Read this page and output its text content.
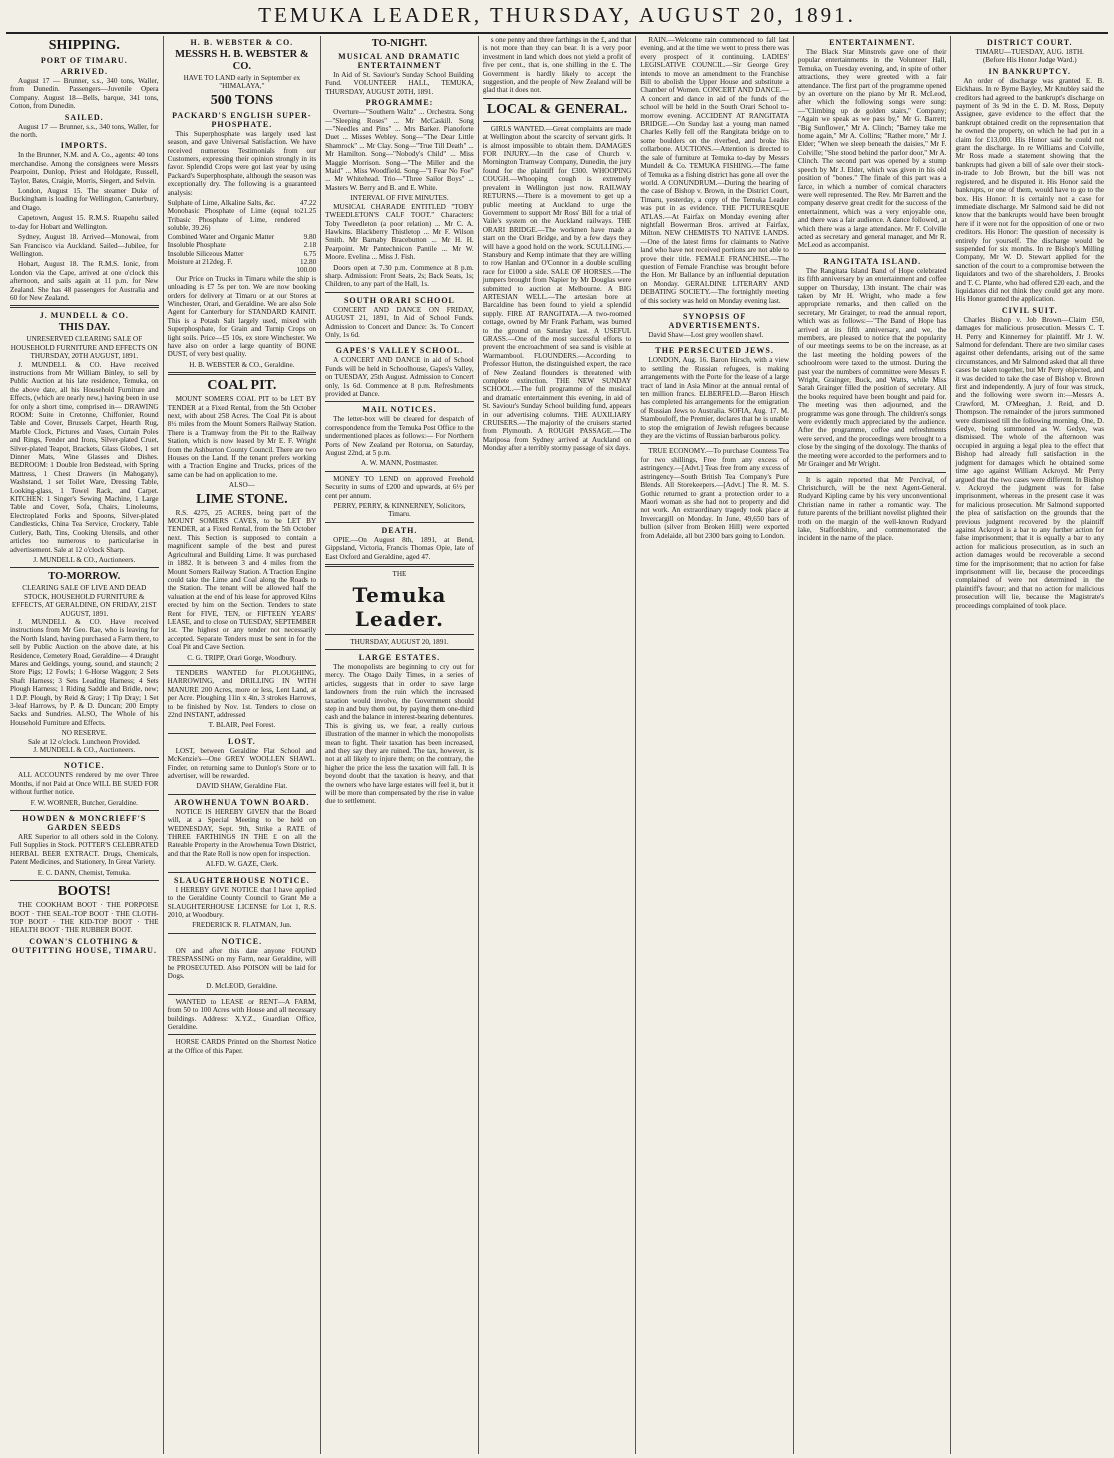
TEMUKA LEADER, THURSDAY, AUGUST 20, 1891.
SHIPPING.
PORT OF TIMARU.
ARRIVED.

August 17 — Brunner, s.s., 340 tons, Waller, from Dunedin. Passengers—Juvenile Opera Company. August 18—Bells, barque, 341 tons, Cotton, from Dunedin.

SAILED.

August 17 — Brunner, s.s., 340 tons, Waller, for the north.

IMPORTS.

In the Brunner, N.M. and A. Co., agents: 40 tons merchandise. Among the consignees were Messrs Pearpoint, Dunlop, Priest and Holdgate, Russell, Taylor, Bates, Craigie, Morris, Siegert, and Selvin.

London, August 15. The steamer Duke of Buckingham is loading for Wellington, Canterbury, and Otago.

Capetown, August 15. R.M.S. Ruapehu sailed to-day for Hobart and Wellington.

Sydney, August 18. Arrived—Monowai, from San Francisco via Auckland. Sailed—Jubilee, for Wellington.

Hobart, August 18. The R.M.S. Ionic, from London via the Cape, arrived at one o'clock this afternoon, and sails again at 11 p.m. for New Zealand. She has 48 passengers for Australia and 60 for New Zealand.

J. MUNDELL & CO.
THIS DAY.
UNRESERVED CLEARING SALE OF HOUSEHOLD FURNITURE AND EFFECTS ON THURSDAY, 20TH AUGUST, 1891.

J. MUNDELL & CO. Have received instructions from Mr William Binley, to sell by Public Auction at his late residence, Temuka, on the above date, all his Household Furniture and Effects, (which are nearly new,) having been in use for only a short time, comprised in— DRAWING ROOM: Suite in Cretonne, Chiffonier, Round Table and Cover, Brussels Carpet, Hearth Rug, Marble Clock, Pictures and Vases, Curtain Poles and Rings, Fender and Irons, Silver-plated Cruet, Silver-plated Teapot, Brackets, Glass Globes, 1 set Dinner Mats, Wine Glasses and Dishes. BEDROOM: 1 Double Iron Bedstead, with Spring Mattress, 1 Chest Drawers (in Mahogany), Washstand, 1 set Toilet Ware, Dressing Table, Looking-glass, 1 Towel Rack, and Carpet. KITCHEN: 1 Singer's Sewing Machine, 1 Large Table and Cover, Sofa, Chairs, Linoleums, Electroplated Forks and Spoons, Silver-plated Candlesticks, China Tea Service, Crockery, Table Cutlery, Bath, Tins, Cooking Utensils, and other articles too numerous to particularise in advertisement. Sale at 12 o'clock Sharp.

J. MUNDELL & CO., Auctioneers.
TO-MORROW.
CLEARING SALE OF LIVE AND DEAD STOCK, HOUSEHOLD FURNITURE & EFFECTS, AT GERALDINE, ON FRIDAY, 21ST AUGUST, 1891.

J. MUNDELL & CO. Have received instructions from Mr Geo. Rae, who is leaving for the North Island, having purchased a Farm there, to sell by Public Auction on the above date, at his Residence, Cemetery Road, Geraldine— 4 Draught Mares and Geldings, young, sound, and staunch; 2 Store Pigs; 12 Fowls; 1 6-Horse Waggon; 2 Sets Shaft Harness; 3 Sets Leading Harness; 4 Sets Plough Harness; 1 Riding Saddle and Bridle, new; 1 D.P. Plough, by Reid & Gray; 1 Tip Dray; 1 Set 3-leaf Harrows, by P. & D. Duncan; 200 Empty Sacks and Sundries. ALSO, The Whole of his Household Furniture and Effects.

NO RESERVE.
Sale at 12 o'clock. Luncheon Provided.
J. MUNDELL & CO., Auctioneers.
NOTICE.

ALL ACCOUNTS rendered by me over Three Months, if not Paid at Once WILL BE SUED FOR without further notice.

F. W. WORNER, Butcher, Geraldine.
HOWDEN & MONCRIEFF'S GARDEN SEEDS

ARE Superior to all others sold in the Colony. Full Supplies in Stock. POTTER'S CELEBRATED HERBAL BEER EXTRACT. Drugs, Chemicals, Patent Medicines, and Stationery, In Great Variety.

E. C. DANN, Chemist, Temuka.
BOOTS!

THE COOKHAM BOOT · THE PORPOISE BOOT · THE SEAL-TOP BOOT · THE CLOTH-TOP BOOT · THE KID-TOP BOOT · THE HEALTH BOOT · THE RUBBER BOOT.

COWAN'S CLOTHING & OUTFITTING HOUSE, TIMARU.
H. B. WEBSTER & CO.
MESSRS H. B. WEBSTER & CO.
HAVE TO LAND early in September ex "HIMALAYA,"
500 TONS
PACKARD'S ENGLISH SUPER-PHOSPHATE.

This Superphosphate was largely used last season, and gave Universal Satisfaction. We have received numerous Testimonials from our Customers, expressing their opinion strongly in its favor. Splendid Crops were got last year by using Packard's Superphosphate, although the season was exceptionally dry. The following is a guaranteed analysis:

Sulphate of Lime, Alkaline Salts, &c.	47.22
Monobasic Phosphate of Lime (equal to Tribasic Phosphate of Lime, rendered soluble, 39.26)
21.25
Combined Water and Organic Matter	9.80
Insoluble Phosphate	2.18
Insoluble Siliceous Matter	6.75
Moisture at 212deg. F.	12.80
100.00

Our Price on Trucks in Timaru while the ship is unloading is £7 5s per ton. We are now booking orders for delivery at Timaru or at our Stores at Winchester, Orari, and Geraldine. We are also Sole Agent for Canterbury for STANDARD KAINIT. This is a Potash Salt largely used, mixed with Superphosphate, for Grain and Turnip Crops on light soils. Price—£5 10s, ex store Winchester. We have also on order a large quantity of BONE DUST, of very best quality.

H. B. WEBSTER & CO., Geraldine.
COAL PIT.

MOUNT SOMERS COAL PIT to be LET BY TENDER at a Fixed Rental, from the 5th October next, with about 258 Acres. The Coal Pit is about 8½ miles from the Mount Somers Railway Station. There is a Tramway from the Pit to the Railway Station, which is now leased by Mr E. F. Wright from the Ashburton County Council. There are two Houses on the Land. If the tenant prefers working with a Traction Engine and Trucks, prices of the same can be had on application to me.

ALSO—
LIME STONE.

R.S. 4275, 25 ACRES, being part of the MOUNT SOMERS CAVES, to be LET BY TENDER, at a Fixed Rental, from the 5th October next. This Section is supposed to contain a magnificent sample of the best and purest Agricultural and Building Lime. It was purchased in 1882. It is between 3 and 4 miles from the Mount Somers Railway Station. A Traction Engine could take the Lime and Coal along the Roads to the Station. The tenant will be allowed half the valuation at the end of his lease for approved Kilns erected by him on the Section. Tenders to state Rent for FIVE, TEN, or FIFTEEN YEARS' LEASE, and to close on TUESDAY, SEPTEMBER 1st. The highest or any tender not necessarily accepted. Separate Tenders must be sent in for the Coal Pit and Cave Section.

C. G. TRIPP, Orari Gorge, Woodbury.

TENDERS WANTED for PLOUGHING, HARROWING, and DRILLING IN WITH MANURE 200 Acres, more or less, Lent Land, at per Acre. Ploughing 11in x 4in, 3 strokes Harrows, to be finished by Nov. 1st. Tenders to close on 22nd INSTANT, addressed

T. BLAIR, Peel Forest.
LOST.

LOST, between Geraldine Flat School and McKenzie's—One GREY WOOLLEN SHAWL. Finder, on returning same to Dunlop's Store or to advertiser, will be rewarded.

DAVID SHAW, Geraldine Flat.
AROWHENUA TOWN BOARD.

NOTICE IS HEREBY GIVEN that the Board will, at a Special Meeting to be held on WEDNESDAY, Sept. 9th, Strike a RATE of THREE FARTHINGS IN THE £ on all the Rateable Property in the Arowhenua Town District, and that the Rate Roll is now open for inspection.

ALFD. W. GAZE, Clerk.
SLAUGHTERHOUSE NOTICE.

I HEREBY GIVE NOTICE that I have applied to the Geraldine County Council to Grant Me a SLAUGHTERHOUSE LICENSE for Lot 1, R.S. 2010, at Woodbury.

FREDERICK R. FLATMAN, Jun.
NOTICE.

ON and after this date anyone FOUND TRESPASSING on my Farm, near Geraldine, will be PROSECUTED. Also POISON will be laid for Dogs.

D. McLEOD, Geraldine.

WANTED to LEASE or RENT—A FARM, from 50 to 100 Acres with House and all necessary buildings. Address: X.Y.Z., Guardian Office, Geraldine.

HORSE CARDS Printed on the Shortest Notice at the Office of this Paper.

TO-NIGHT.
MUSICAL AND DRAMATIC ENTERTAINMENT

In Aid of St. Saviour's Sunday School Building Fund. VOLUNTEER HALL, TEMUKA, THURSDAY, AUGUST 20TH, 1891.

PROGRAMME:

Overture—"Southern Waltz" ... Orchestra. Song—"Sleeping Roses" ... Mr McCaskill. Song—"Needles and Pins" ... Mrs Barker. Pianoforte Duet ... Misses Webley. Song—"The Dear Little Shamrock" ... Mr Clay. Song—"True Till Death" ... Mr Hamilton. Song—"Nobody's Child" ... Miss Maggie Morrison. Song—"The Miller and the Maid" ... Miss Woodfield. Song—"I Fear No Foe" ... Mr Whitehead. Trio—"Three Sailor Boys" ... Masters W. Berry and B. and E. White.

INTERVAL OF FIVE MINUTES.

MUSICAL CHARADE ENTITLED "TOBY TWEEDLETON'S CALF TOOT." Characters: Toby Tweedleton (a poor relation) ... Mr C. A. Hawkins. Blackberry Thistletop ... Mr F. Wilson Smith. Mr Barnaby Bracebutton ... Mr H. H. Pearpoint. Mr Pantechnicon Pantile ... Mr W. Moore. Evelina ... Miss J. Fish.

Doors open at 7.30 p.m. Commence at 8 p.m. sharp. Admission: Front Seats, 2s; Back Seats, 1s; Children, to any part of the Hall, 1s.

SOUTH ORARI SCHOOL

CONCERT AND DANCE ON FRIDAY, AUGUST 21, 1891, In Aid of School Funds. Admission to Concert and Dance: 3s. To Concert Only, 1s 6d.

GAPES'S VALLEY SCHOOL.

A CONCERT AND DANCE in aid of School Funds will be held in Schoolhouse, Gapes's Valley, on TUESDAY, 25th August. Admission to Concert only, 1s 6d. Commence at 8 p.m. Refreshments provided at Dance.

MAIL NOTICES.

The letter-box will be cleared for despatch of correspondence from the Temuka Post Office to the undermentioned places as follows:— For Northern Ports of New Zealand per Rotorua, on Saturday, August 22nd, at 5 p.m.

A. W. MANN, Postmaster.

MONEY TO LEND on approved Freehold Security in sums of £200 and upwards, at 6½ per cent per annum.

PERRY, PERRY, & KINNERNEY, Solicitors, Timaru.
DEATH.

OPIE.—On August 8th, 1891, at Bend, Gippsland, Victoria, Francis Thomas Opie, late of East Oxford and Geraldine, aged 47.

THE
Temuka Leader.
THURSDAY, AUGUST 20, 1891.
LARGE ESTATES.

The monopolists are beginning to cry out for mercy. The Otago Daily Times, in a series of articles, suggests that in order to save large landowners from the ruin which the increased taxation would involve, the Government should step in and buy them out, by paying them one-third cash and the balance in interest-bearing debentures. This is giving us, we fear, a really curious illustration of the manner in which the monopolists mean to fight. Their taxation has been increased, and they say they are ruined. The tax, however, is not at all likely to injure them; on the contrary, the higher the price the less the taxation will fall. It is beyond doubt that the taxation is heavy, and that the owners who have large estates will feel it, but it will be more than compensated by the rise in value due to settlement.

s one penny and three farthings in the £, and that is not more than they can bear. It is a very poor investment in land which does not yield a profit of five per cent., that is, one shilling in the £. The Government is hardly likely to accept the suggestion, and the people of New Zealand will be glad that it does not.

LOCAL & GENERAL.

GIRLS WANTED.—Great complaints are made at Wellington about the scarcity of servant girls. It is almost impossible to obtain them. DAMAGES FOR INJURY.—In the case of Church v. Mornington Tramway Company, Dunedin, the jury found for the plaintiff for £300. WHOOPING COUGH.—Whooping cough is extremely prevalent in Wellington just now. RAILWAY RETURNS.—There is a movement to get up a public meeting at Auckland to urge the Government to support Mr Ross' Bill for a trial of Vaile's system on the Auckland railways. THE ORARI BRIDGE.—The workmen have made a start on the Orari Bridge, and by a few days they will have a good hold on the work. SCULLING.—Stansbury and Kemp intimate that they are willing to row Hanlan and O'Connor in a double sculling race for £1000 a side. SALE OF HORSES.—The jumpers brought from Napier by Mr Douglas were submitted to auction at Melbourne. A BIG ARTESIAN WELL.—The artesian bore at Barcaldine has been found to yield a splendid supply. FIRE AT RANGITATA.—A two-roomed cottage, owned by Mr Frank Parham, was burned to the ground on Saturday last. A USEFUL GRASS.—One of the most successful efforts to prevent the encroachment of sea sand is visible at Warrnambool. FLOUNDERS.—According to Professor Hutton, the distinguished expert, the race of New Zealand flounders is threatened with complete extinction. THE NEW SUNDAY SCHOOL.—The full programme of the musical and dramatic entertainment this evening, in aid of St. Saviour's Sunday School building fund, appears in our advertising columns. THE AUXILIARY CRUISERS.—The majority of the cruisers started from Plymouth. A ROUGH PASSAGE.—The Mariposa from Sydney arrived at Auckland on Monday after a terribly stormy passage of six days.

RAIN.—Welcome rain commenced to fall last evening, and at the time we went to press there was every prospect of it continuing. LADIES' LEGISLATIVE COUNCIL.—Sir George Grey intends to move an amendment to the Franchise Bill to abolish the Upper House and substitute a Chamber of Women. CONCERT AND DANCE.—A concert and dance in aid of the funds of the school will be held in the South Orari School to-morrow evening. ACCIDENT AT RANGITATA BRIDGE.—On Sunday last a young man named Charles Kelly fell off the Rangitata bridge on to some boulders on the riverbed, and broke his collarbone. AUCTIONS.—Attention is directed to the sale of furniture at Temuka to-day by Messrs Mundell & Co. TEMUKA FISHING.—The fame of Temuka as a fishing district has gone all over the world. A CONUNDRUM.—During the hearing of the case of Bishop v. Brown, in the District Court, Timaru, yesterday, a copy of the Temuka Leader was put in as evidence. THE PICTURESQUE ATLAS.—At Fairfax on Monday evening after nightfall Bowerman Bros. arrived at Fairfax, Milton. NEW CHEMISTS TO NATIVE LANDS.—One of the latest firms for claimants to Native land who have not received portions are not able to prove their title. FEMALE FRANCHISE.—The question of Female Franchise was brought before the Hon. Mr Ballance by an influential deputation on Monday. GERALDINE LITERARY AND DEBATING SOCIETY.—The fortnightly meeting of this society was held on Monday evening last.

SYNOPSIS OF ADVERTISEMENTS.

David Shaw—Lost grey woollen shawl.

THE PERSECUTED JEWS.

LONDON, Aug. 16. Baron Hirsch, with a view to settling the Russian refugees, is making arrangements with the Porte for the lease of a large tract of land in Asia Minor at the annual rental of ten million francs. ELBERFELD.—Baron Hirsch has completed his arrangements for the emigration of Russian Jews to Australia. SOFIA, Aug. 17. M. Stambouloff, the Premier, declares that he is unable to stop the emigration of Jewish refugees because they are the victims of Russian barbarous policy.

TRUE ECONOMY.—To purchase Countess Tea for two shillings, Free from any excess of astringency.—[Advt.] Teas free from any excess of astringency—South British Tea Company's Pure Blends. All Storekeepers.—[Advt.] The R. M. S. Gothic returned to grant a protection order to a Maori woman as she had not to property and did not work. An extraordinary tragedy took place at Invercargill on Monday. In June, 49,650 bars of bullion (silver from Broken Hill) were exported from Adelaide, all but 2300 bars going to London.

ENTERTAINMENT.

The Black Star Minstrels gave one of their popular entertainments in the Volunteer Hall, Temuka, on Tuesday evening, and, in spite of other attractions, they were greeted with a fair attendance. The first part of the programme opened by an overture on the piano by Mr R. McLeod, after which the following songs were sung:—"Climbing up de golden stairs," Company; "Again we speak as we pass by," Mr G. Barrett; "Big Sunflower," Mr A. Clinch; "Barney take me home again," Mr A. Collins; "Rather more," Mr J. Elder; "When we sleep beneath the daisies," Mr F. Colville; "She stood behind the parlor door," Mr A. Clinch. The second part was opened by a stump speech by Mr J. Elder, which was given in his old position of "bones." The finale of this part was a farce, in which a number of comical characters were well represented. The Rev. Mr Barrett and the company deserve great credit for the success of the entertainment, which was a very enjoyable one, and there was a fair audience. A dance followed, at which there was a large attendance. Mr F. Colville acted as secretary and general manager, and Mr R. McLeod as accompanist.

RANGITATA ISLAND.

The Rangitata Island Band of Hope celebrated its fifth anniversary by an entertainment and coffee supper on Thursday, 13th instant. The chair was taken by Mr H. Wright, who made a few appropriate remarks, and then called on the secretary, Mr Grainger, to read the annual report, which was as follows:—"The Band of Hope has arrived at its fifth anniversary, and we, the members, are pleased to notice that the popularity of our meetings seems to be on the increase, as at the last meeting the holding powers of the schoolroom were taxed to the utmost. During the past year the numbers of committee were Messrs F. Wright, Grainger, Buck, and Watts, while Miss Sarah Grainger filled the position of secretary. All the books required have been bought and paid for. The meeting was then adjourned, and the programme was gone through. The children's songs were evidently much appreciated by the audience. After the programme, coffee and refreshments were served, and the proceedings were brought to a close by the singing of the doxology. The thanks of the meeting were accorded to the performers and to Mr Grainger and Mr Wright.

It is again reported that Mr Percival, of Christchurch, will be the next Agent-General. Rudyard Kipling came by his very unconventional Christian name in rather a romantic way. The future parents of the brilliant novelist plighted their troth on the margin of the well-known Rudyard lake, Staffordshire, and commemorated the incident in the name of the place.

DISTRICT COURT.
TIMARU—TUESDAY, AUG. 18TH.
(Before His Honor Judge Ward.)
IN BANKRUPTCY.

An order of discharge was granted E. B. Eickhaus. In re Byrne Bayley, Mr Knubley said the creditors had agreed to the bankrupt's discharge on payment of 3s 9d in the £. D. M. Ross, Deputy Assignee, gave evidence to the effect that the bankrupt obtained credit on the representation that he owned the property, on which he had put in a claim for £13,000. His Honor said he could not grant the discharge. In re Williams and Colville, Mr Ross made a statement showing that the bankrupts had given a bill of sale over their stock-in-trade to Job Brown, but the bill was not registered, and he disputed it. His Honor said the bankrupts, or one of them, would have to go to the box. His Honor: It is certainly not a case for immediate discharge. Mr Salmond said he did not know that the bankrupts would have been brought here if it were not for the opposition of one or two creditors. His Honor: The question of necessity is entirely for yourself. The discharge would be suspended for six months. In re Bishop's Milling Company, Mr W. D. Stewart applied for the sanction of the court to a compromise between the liquidators and two of the shareholders, J. Brooks and T. C. Plante, who had offered £20 each, and the liquidators did not think they could get any more. His Honor granted the application.

CIVIL SUIT.

Charles Bishop v. Job Brown—Claim £50, damages for malicious prosecution. Messrs C. T. H. Perry and Kinnerney for plaintiff. Mr J. W. Salmond for defendant. There are two similar cases against other defendants, arising out of the same circumstances, and Mr Salmond asked that all three cases be taken together, but Mr Perry objected, and it was decided to take the case of Bishop v. Brown first and independently. A jury of four was struck, and the following were sworn in:—Messrs A. Crawford, M. O'Meeghan, J. Reid, and D. Thompson. The remainder of the jurors summoned were dismissed till the following morning. One, D. Gedye, being summoned as W. Gedye, was dismissed. The whole of the afternoon was occupied in arguing a legal plea to the effect that Bishop had already full satisfaction in the judgment for damages which he obtained some time ago against William Ackroyd. Mr Perry argued that the two cases were different. In Bishop v. Ackroyd the judgment was for false imprisonment, whereas in the present case it was for malicious prosecution. Mr Salmond supported the plea of satisfaction on the grounds that the previous judgment recovered by the plaintiff against Ackroyd is a bar to any further action for false imprisonment; that it is equally a bar to any action for malicious prosecution, as in such an action damages would be recoverable a second time for the imprisonment; that no action for false imprisonment will lie, because the proceedings complained of were not determined in the plaintiff's favour; and that no action for malicious prosecution will lie, because the Magistrate's proceedings complained of took place.
